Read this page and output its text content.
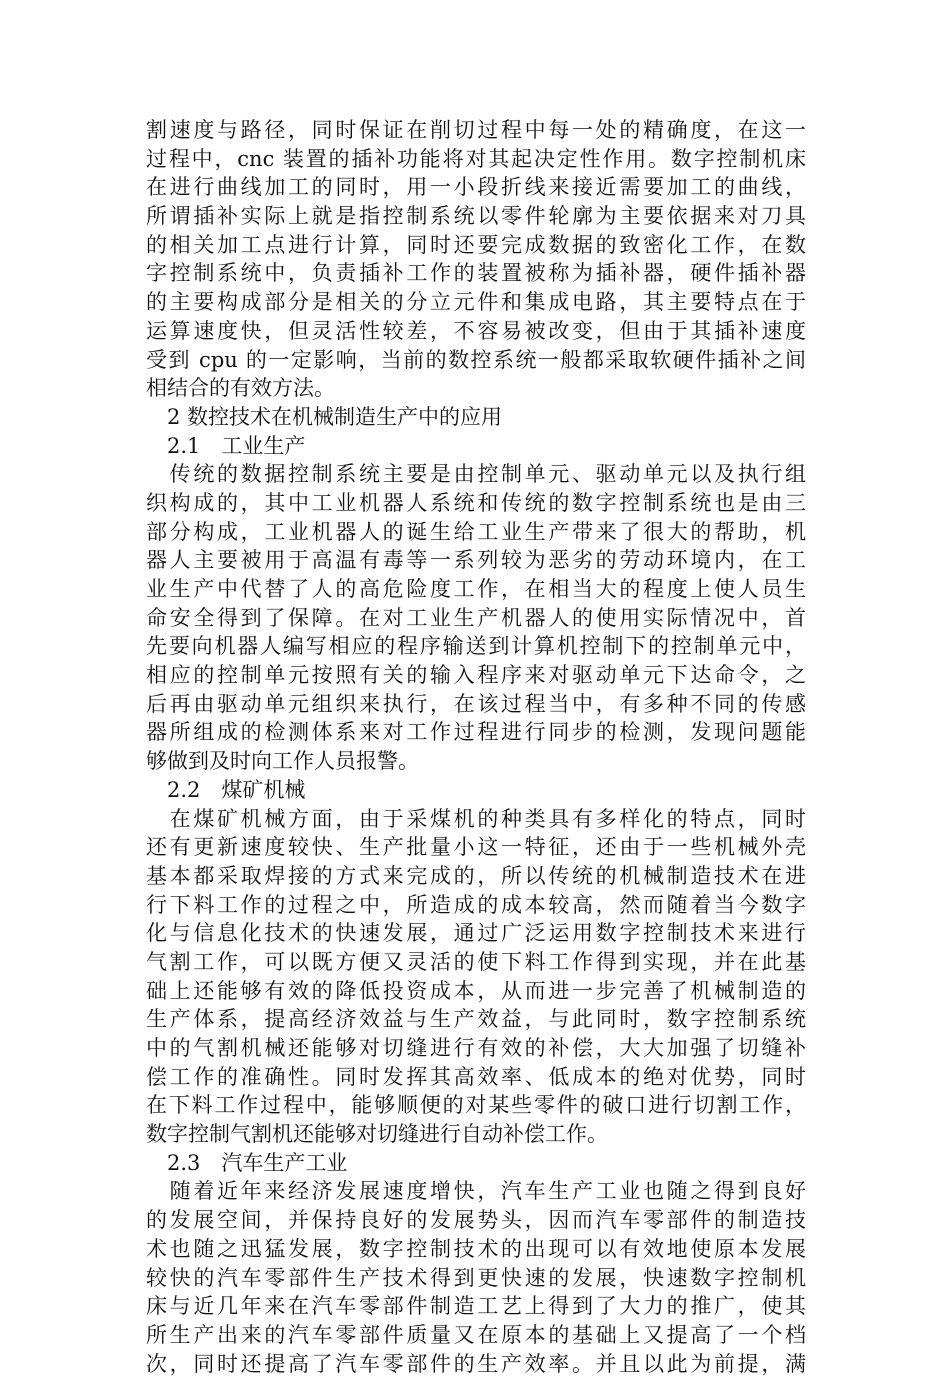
割速度与路径，同时保证在削切过程中每一处的精确度，在这一
过程中，cnc 装置的插补功能将对其起决定性作用。数字控制机床
在进行曲线加工的同时，用一小段折线来接近需要加工的曲线，
所谓插补实际上就是指控制系统以零件轮廓为主要依据来对刀具
的相关加工点进行计算，同时还要完成数据的致密化工作，在数
字控制系统中，负责插补工作的装置被称为插补器，硬件插补器
的主要构成部分是相关的分立元件和集成电路，其主要特点在于
运算速度快，但灵活性较差，不容易被改变，但由于其插补速度
受到 cpu 的一定影响，当前的数控系统一般都采取软硬件插补之间
相结合的有效方法。
　2 数控技术在机械制造生产中的应用
　2.1　工业生产
　传统的数据控制系统主要是由控制单元、驱动单元以及执行组
织构成的，其中工业机器人系统和传统的数字控制系统也是由三
部分构成，工业机器人的诞生给工业生产带来了很大的帮助，机
器人主要被用于高温有毒等一系列较为恶劣的劳动环境内，在工
业生产中代替了人的高危险度工作，在相当大的程度上使人员生
命安全得到了保障。在对工业生产机器人的使用实际情况中，首
先要向机器人编写相应的程序输送到计算机控制下的控制单元中，
相应的控制单元按照有关的输入程序来对驱动单元下达命令，之
后再由驱动单元组织来执行，在该过程当中，有多种不同的传感
器所组成的检测体系来对工作过程进行同步的检测，发现问题能
够做到及时向工作人员报警。
　2.2　煤矿机械
　在煤矿机械方面，由于采煤机的种类具有多样化的特点，同时
还有更新速度较快、生产批量小这一特征，还由于一些机械外壳
基本都采取焊接的方式来完成的，所以传统的机械制造技术在进
行下料工作的过程之中，所造成的成本较高，然而随着当今数字
化与信息化技术的快速发展，通过广泛运用数字控制技术来进行
气割工作，可以既方便又灵活的使下料工作得到实现，并在此基
础上还能够有效的降低投资成本，从而进一步完善了机械制造的
生产体系，提高经济效益与生产效益，与此同时，数字控制系统
中的气割机械还能够对切缝进行有效的补偿，大大加强了切缝补
偿工作的准确性。同时发挥其高效率、低成本的绝对优势，同时
在下料工作过程中，能够顺便的对某些零件的破口进行切割工作，
数字控制气割机还能够对切缝进行自动补偿工作。
　2.3　汽车生产工业
　随着近年来经济发展速度增快，汽车生产工业也随之得到良好
的发展空间，并保持良好的发展势头，因而汽车零部件的制造技
术也随之迅猛发展，数字控制技术的出现可以有效地使原本发展
较快的汽车零部件生产技术得到更快速的发展，快速数字控制机
床与近几年来在汽车零部件制造工艺上得到了大力的推广，使其
所生产出来的汽车零部件质量又在原本的基础上又提高了一个档
次，同时还提高了汽车零部件的生产效率。并且以此为前提，满
